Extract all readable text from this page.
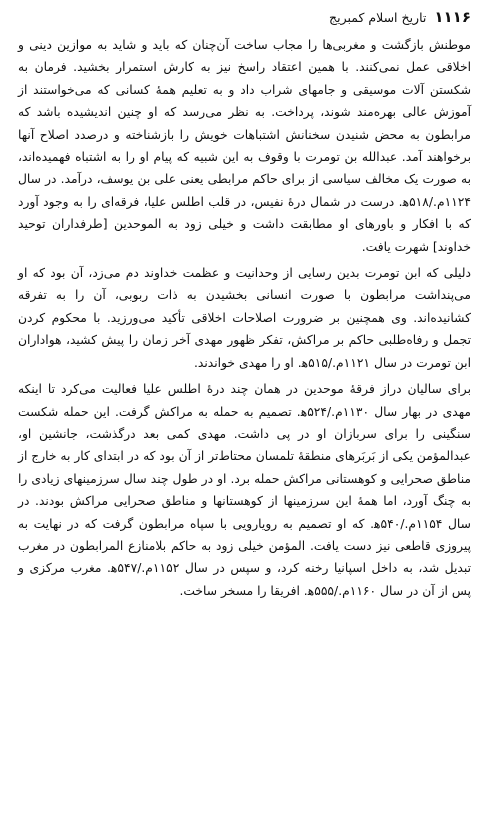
۱۱۱۶
تاریخ اسلام کمبریج

موطنش بازگشت و مغربی‌ها را مجاب ساخت آن‌چنان که باید و شاید به موازین دینی و اخلاقی عمل نمی‌کنند. با همین اعتقاد راسخ نیز به کارش استمرار بخشید. فرمان به شکستن آلات موسیقی و جامهای شراب داد و به تعلیم همهٔ کسانی که می‌خواستند از آموزش عالی بهره‌مند شوند، پرداخت. به نظر می‌رسد که او چنین اندیشیده باشد که مرابطون به محض شنیدن سخنانش اشتباهات خویش را بازشناخته و درصدد اصلاح آنها برخواهند آمد. عبدالله بن تومرت با وقوف به این شبیه که پیام او را به اشتباه فهمیده‌اند، به صورت یک مخالف سیاسی از برای حاکم مرابطی یعنی علی بن یوسف، درآمد. در سال ۱۱۲۴م./۵۱۸ه‍. درست در شمال درهٔ نفیس، در قلب اطلس علیا، فرقه‌ای را به وجود آورد که با افکار و باورهای او مطابقت داشت و خیلی زود به الموحدین [طرفداران توحید خداوند] شهرت یافت.

دلیلی که ابن تومرت بدین رسایی از وحدانیت و عظمت خداوند دم می‌زد، آن بود که او می‌پنداشت مرابطون با صورت انسانی بخشیدن به ذات ربوبی، آن را به تفرقه کشانیده‌اند. وی همچنین بر ضرورت اصلاحات اخلاقی تأکید می‌ورزید. با محکوم کردن تجمل و رفاه‌طلبی حاکم بر مراکش، تفکر ظهور مهدی آخر زمان را پیش کشید، هواداران ابن تومرت در سال ۱۱۲۱م./۵۱۵ه‍. او را مهدی خواندند.

برای سالیان دراز فرقهٔ موحدین در همان چند درهٔ اطلس علیا فعالیت می‌کرد تا اینکه مهدی در بهار سال ۱۱۳۰م./۵۲۴ه‍. تصمیم به حمله به مراکش گرفت. این حمله شکست سنگینی را برای سربازان او در پی داشت. مهدی کمی بعد درگذشت، جانشین او، عبدالمؤمن یکی از بَربَرهای منطقهٔ تلمسان محتاط‌تر از آن بود که در ابتدای کار به خارج از مناطق صحرایی و کوهستانی مراکش حمله برد. او در طول چند سال سرزمینهای زیادی را به چنگ آورد، اما همهٔ این سرزمینها از کوهستانها و مناطق صحرایی مراکش بودند. در سال ۱۱۵۴م./۵۴۰ه‍. که او تصمیم به رویارویی با سپاه مرابطون گرفت که در نهایت به پیروزی قاطعی نیز دست یافت. المؤمن خیلی زود به حاکم بلامنازع المرابطون در مغرب تبدیل شد، به داخل اسپانیا رخنه کرد، و سپس در سال ۱۱۵۲م./۵۴۷ه‍. مغرب مرکزی و پس از آن در سال ۱۱۶۰م./۵۵۵ه‍. افریقا را مسخر ساخت.
